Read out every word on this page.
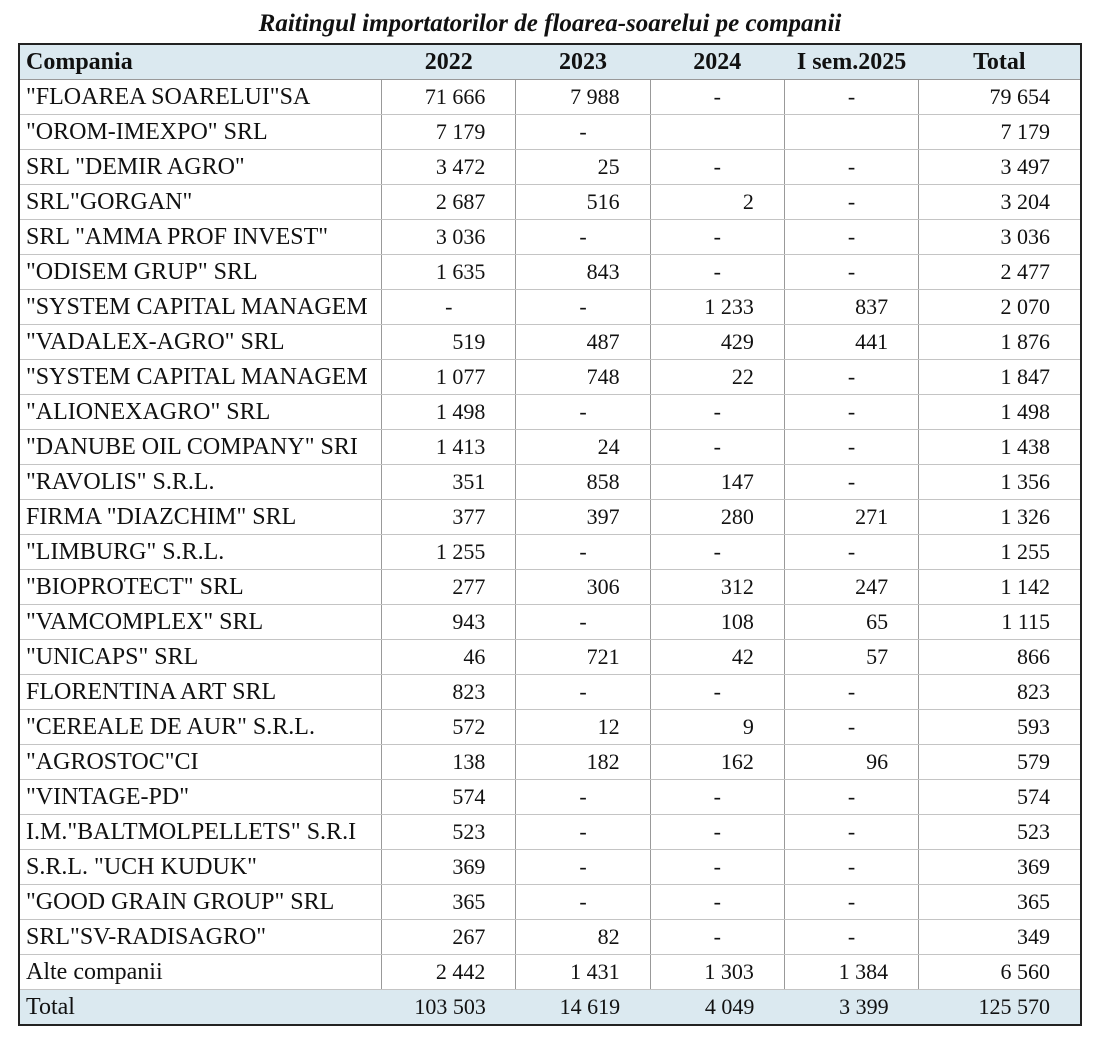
Raitingul importatorilor de floarea-soarelui pe companii
Compania	2022	2023	2024	I sem.2025	Total
"FLOAREA SOARELUI"SA	71 666	7 988	-	-	79 654
"OROM-IMEXPO" SRL	7 179	-			7 179
SRL "DEMIR AGRO"	3 472	25	-	-	3 497
SRL"GORGAN"	2 687	516	2	-	3 204
SRL "AMMA PROF INVEST"	3 036	-	-	-	3 036
"ODISEM GRUP" SRL	1 635	843	-	-	2 477
"SYSTEM CAPITAL MANAGEM	-	-	1 233	837	2 070
"VADALEX-AGRO" SRL	519	487	429	441	1 876
"SYSTEM CAPITAL MANAGEM	1 077	748	22	-	1 847
"ALIONEXAGRO" SRL	1 498	-	-	-	1 498
"DANUBE OIL COMPANY" SRI	1 413	24	-	-	1 438
"RAVOLIS" S.R.L.	351	858	147	-	1 356
FIRMA "DIAZCHIM" SRL	377	397	280	271	1 326
"LIMBURG" S.R.L.	1 255	-	-	-	1 255
"BIOPROTECT" SRL	277	306	312	247	1 142
"VAMCOMPLEX" SRL	943	-	108	65	1 115
"UNICAPS" SRL	46	721	42	57	866
FLORENTINA ART SRL	823	-	-	-	823
"CEREALE DE AUR" S.R.L.	572	12	9	-	593
"AGROSTOC"CI	138	182	162	96	579
"VINTAGE-PD"	574	-	-	-	574
I.M."BALTMOLPELLETS" S.R.I	523	-	-	-	523
S.R.L. "UCH KUDUK"	369	-	-	-	369
"GOOD GRAIN GROUP" SRL	365	-	-	-	365
SRL"SV-RADISAGRO"	267	82	-	-	349
Alte companii	2 442	1 431	1 303	1 384	6 560
Total	103 503	14 619	4 049	3 399	125 570
